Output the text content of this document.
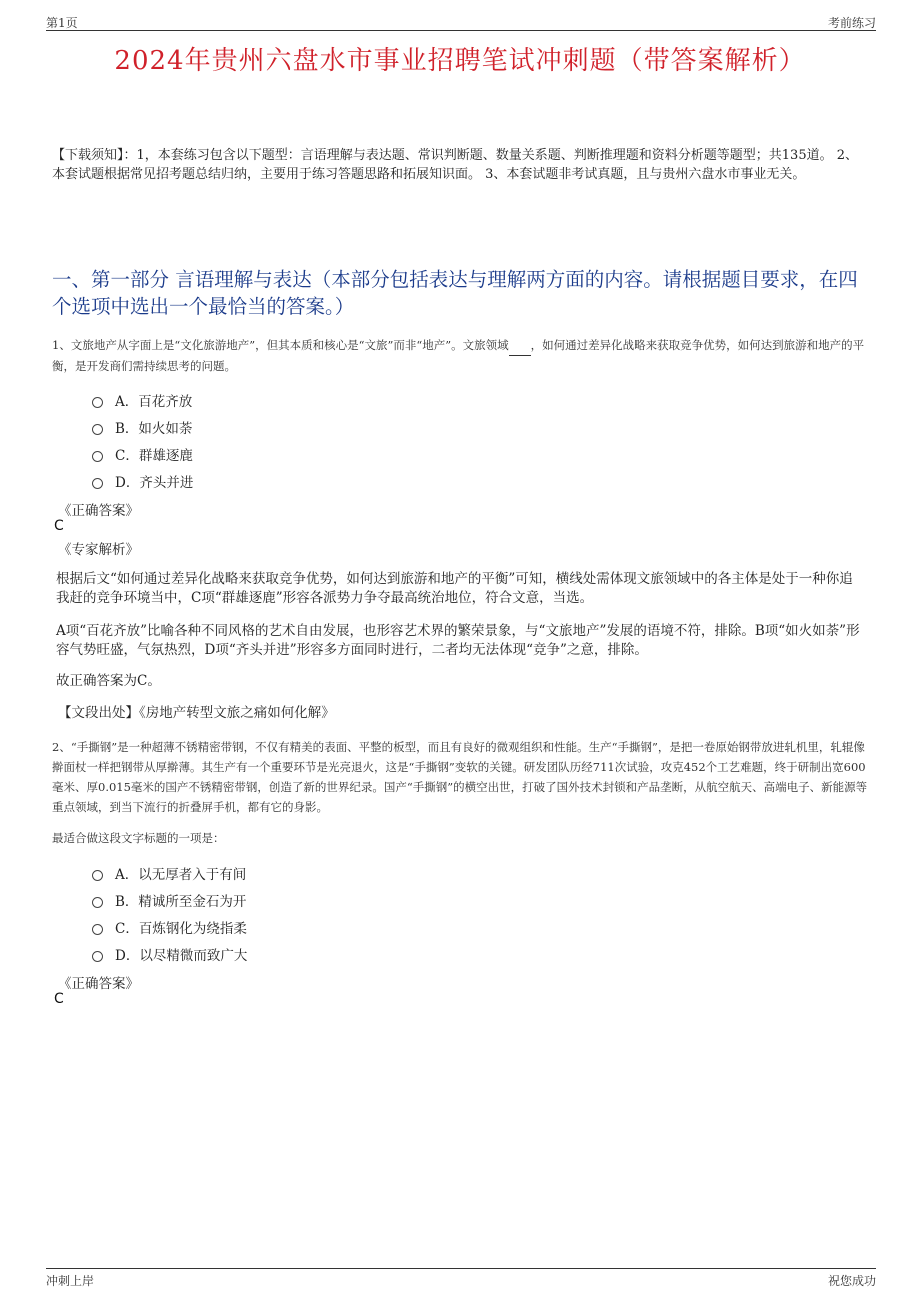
第1页	考前练习
2024年贵州六盘水市事业招聘笔试冲刺题（带答案解析）
【下载须知】：1，本套练习包含以下题型：言语理解与表达题、常识判断题、数量关系题、判断推理题和资料分析题等题型；共135道。 2、本套试题根据常见招考题总结归纳，主要用于练习答题思路和拓展知识面。 3、本套试题非考试真题，且与贵州六盘水市事业无关。
一、第一部分 言语理解与表达（本部分包括表达与理解两方面的内容。请根据题目要求，在四个选项中选出一个最恰当的答案。）
1、文旅地产从字面上是“文化旅游地产”，但其本质和核心是“文旅”而非“地产”。文旅领域 ，如何通过差异化战略来获取竞争优势，如何达到旅游和地产的平衡，是开发商们需持续思考的问题。
A．百花齐放
B．如火如荼
C．群雄逐鹿
D．齐头并进
《正确答案》
C
《专家解析》
根据后文“如何通过差异化战略来获取竞争优势，如何达到旅游和地产的平衡”可知，横线处需体现文旅领域中的各主体是处于一种你追我赶的竞争环境当中，C项“群雄逐鹿”形容各派势力争夺最高统治地位，符合文意，当选。
A项“百花齐放”比喻各种不同风格的艺术自由发展，也形容艺术界的繁荣景象，与“文旅地产”发展的语境不符，排除。B项“如火如荼”形容气势旺盛，气氛热烈，D项“齐头并进”形容多方面同时进行，二者均无法体现“竞争”之意，排除。
故正确答案为C。
【文段出处】《房地产转型文旅之痛如何化解》
2、“手撕钢”是一种超薄不锈精密带钢，不仅有精美的表面、平整的板型，而且有良好的微观组织和性能。生产“手撕钢”，是把一卷原始钢带放进轧机里，轧辊像擀面杖一样把钢带从厚擀薄。其生产有一个重要环节是光亮退火，这是“手撕钢”变软的关键。研发团队历经711次试验，攻克452个工艺难题，终于研制出宽600毫米、厚0.015毫米的国产不锈精密带钢，创造了新的世界纪录。国产“手撕钢”的横空出世，打破了国外技术封锁和产品垄断，从航空航天、高端电子、新能源等重点领域，到当下流行的折叠屏手机，都有它的身影。
最适合做这段文字标题的一项是：
A．以无厚者入于有间
B．精诚所至金石为开
C．百炼钢化为绕指柔
D．以尽精微而致广大
《正确答案》
C
冲刺上岸	祝您成功
